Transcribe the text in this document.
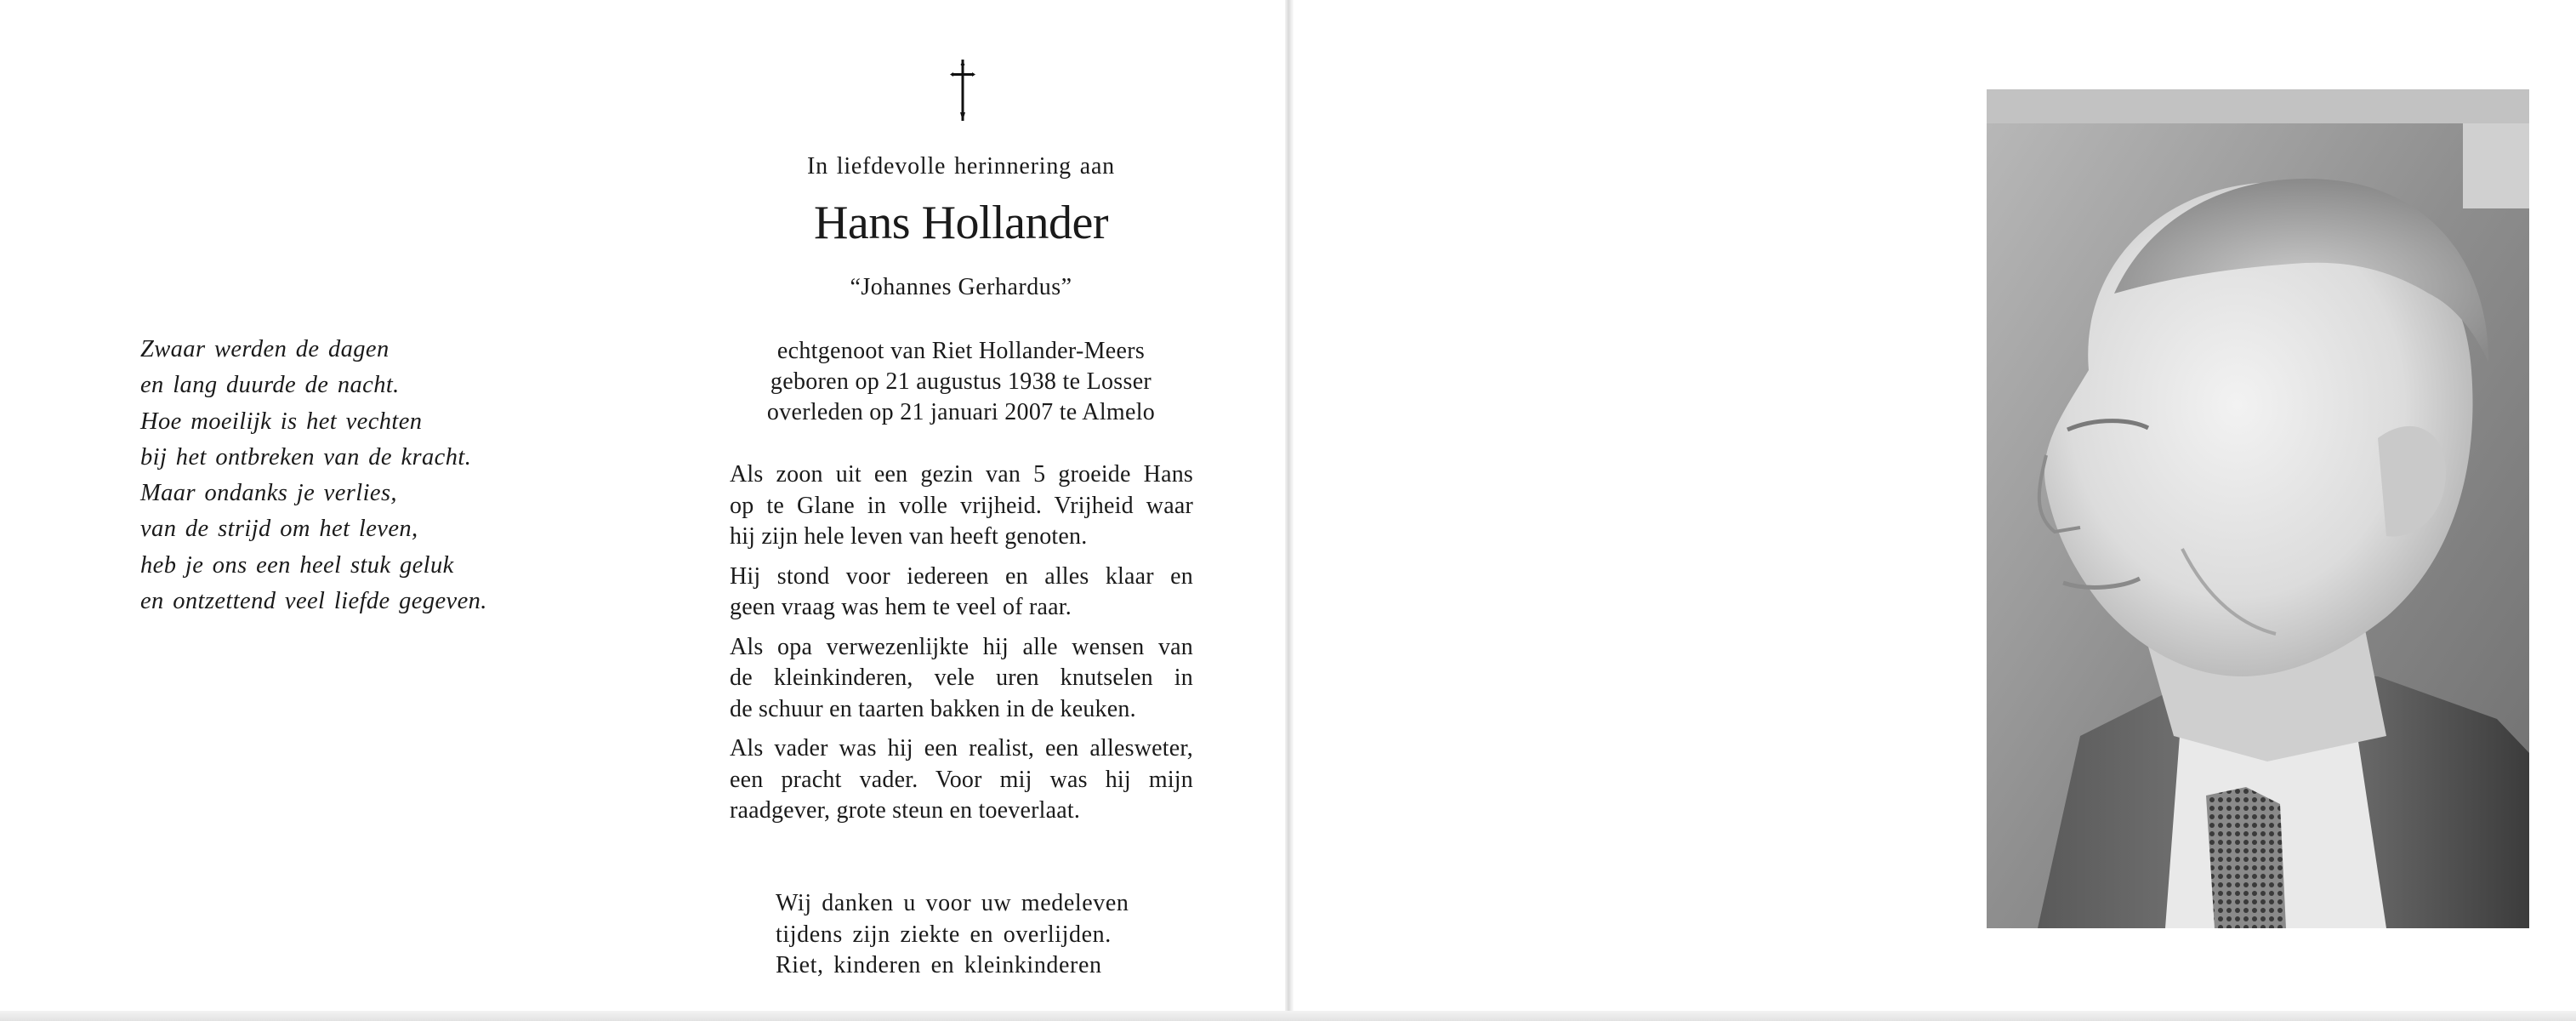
Zwaar werden de dagen
en lang duurde de nacht.
Hoe moeilijk is het vechten
bij het ontbreken van de kracht.
Maar ondanks je verlies,
van de strijd om het leven,
heb je ons een heel stuk geluk
en ontzettend veel liefde gegeven.
In liefdevolle herinnering aan
Hans Hollander
“Johannes Gerhardus”
echtgenoot van Riet Hollander-Meers
geboren op 21 augustus 1938 te Losser
overleden op 21 januari 2007 te Almelo

Als zoon uit een gezin van 5 groeide Hans
op te Glane in volle vrijheid. Vrijheid waar
hij zijn hele leven van heeft genoten.

Hij stond voor iedereen en alles klaar en
geen vraag was hem te veel of raar.

Als opa verwezenlijkte hij alle wensen van
de kleinkinderen, vele uren knutselen in
de schuur en taarten bakken in de keuken.

Als vader was hij een realist, een allesweter,
een pracht vader. Voor mij was hij mijn
raadgever, grote steun en toeverlaat.

Wij danken u voor uw medeleven
tijdens zijn ziekte en overlijden.
Riet, kinderen en kleinkinderen
